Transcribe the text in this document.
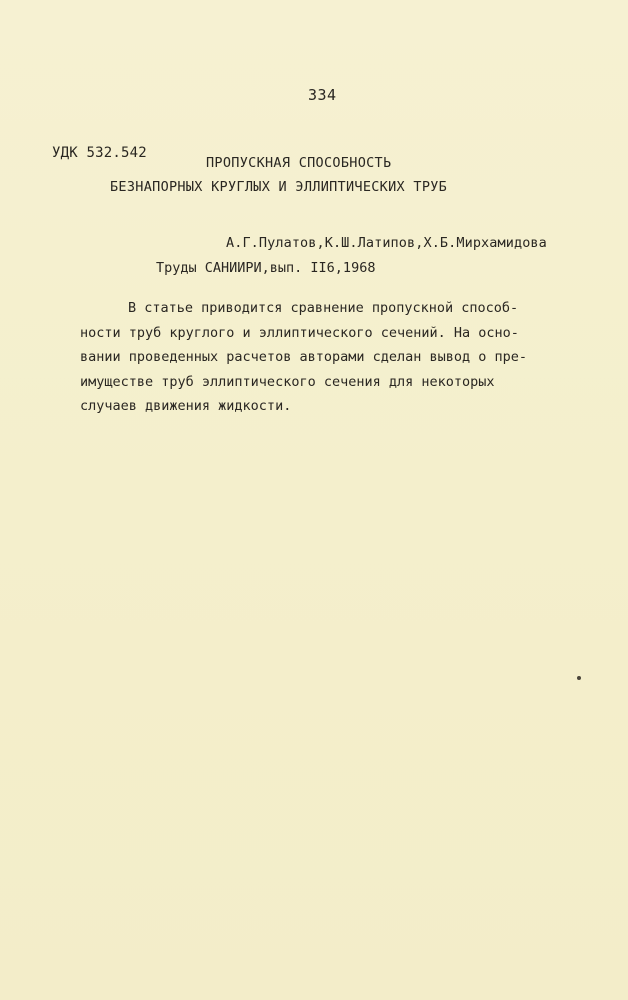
334
УДК 532.542
ПРОПУСКНАЯ СПОСОБНОСТЬ
БЕЗНАПОРНЫХ КРУГЛЫХ И ЭЛЛИПТИЧЕСКИХ ТРУБ
А.Г.Пулатов,К.Ш.Латипов,Х.Б.Мирхамидова
Труды САНИИРИ,вып. II6,1968
В статье приводится сравнение пропускной способ-
ности труб круглого и эллиптического сечений. На осно-
вании проведенных расчетов авторами сделан вывод о пре-
имуществе труб эллиптического сечения для некоторых
случаев движения жидкости.
